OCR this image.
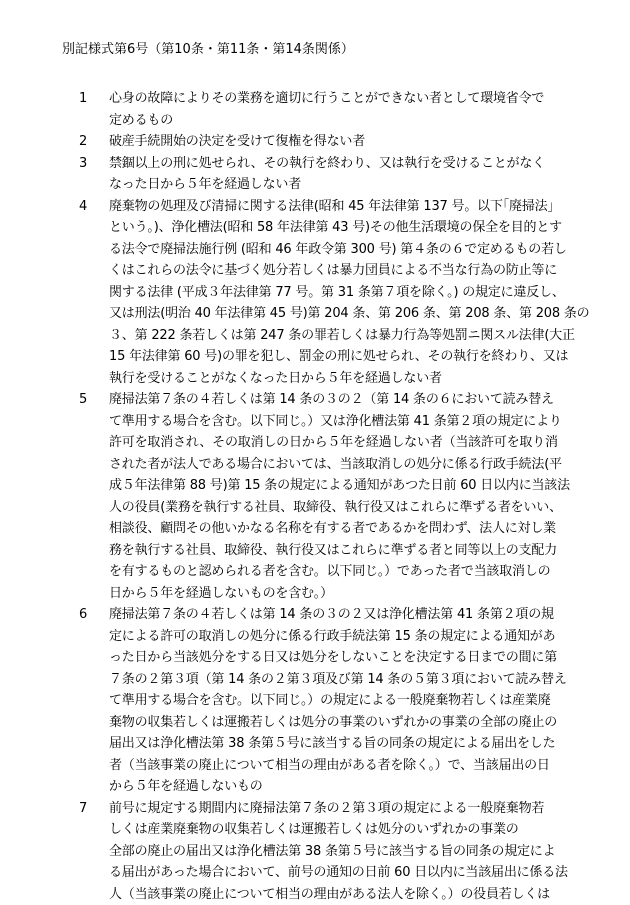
別記様式第6号（第10条・第11条・第14条関係）
1	心身の故障によりその業務を適切に行うことができない者として環境省令で
定めるもの
2	破産手続開始の決定を受けて復権を得ない者
3	禁錮以上の刑に処せられ、その執行を終わり、又は執行を受けることがなく
なった日から５年を経過しない者
4	廃棄物の処理及び清掃に関する法律(昭和 45 年法律第 137 号。以下｢廃掃法｣
という。)、浄化槽法(昭和 58 年法律第 43 号)その他生活環境の保全を目的とす
る法令で廃掃法施行例 (昭和 46 年政令第 300 号) 第４条の６で定めるもの若し
くはこれらの法令に基づく処分若しくは暴力団員による不当な行為の防止等に
関する法律 (平成３年法律第 77 号。第 31 条第７項を除く。) の規定に違反し、
又は刑法(明治 40 年法律第 45 号)第 204 条、第 206 条、第 208 条、第 208 条の
３、第 222 条若しくは第 247 条の罪若しくは暴力行為等処罰ニ関スル法律(大正
15 年法律第 60 号)の罪を犯し、罰金の刑に処せられ、その執行を終わり、又は
執行を受けることがなくなった日から５年を経過しない者
5	廃掃法第７条の４若しくは第 14 条の３の２（第 14 条の６において読み替え
て準用する場合を含む。以下同じ。）又は浄化槽法第 41 条第２項の規定により
許可を取消され、その取消しの日から５年を経過しない者（当該許可を取り消
された者が法人である場合においては、当該取消しの処分に係る行政手続法(平
成５年法律第 88 号)第 15 条の規定による通知があつた日前 60 日以内に当該法
人の役員(業務を執行する社員、取締役、執行役又はこれらに準ずる者をいい、
相談役、顧問その他いかなる名称を有する者であるかを問わず、法人に対し業
務を執行する社員、取締役、執行役又はこれらに準ずる者と同等以上の支配力
を有するものと認められる者を含む。以下同じ。）であった者で当該取消しの
日から５年を経過しないものを含む。）
6	廃掃法第７条の４若しくは第 14 条の３の２又は浄化槽法第 41 条第２項の規
定による許可の取消しの処分に係る行政手続法第 15 条の規定による通知があ
った日から当該処分をする日又は処分をしないことを決定する日までの間に第
７条の２第３項（第 14 条の２第３項及び第 14 条の５第３項において読み替え
て準用する場合を含む。以下同じ。）の規定による一般廃棄物若しくは産業廃
棄物の収集若しくは運搬若しくは処分の事業のいずれかの事業の全部の廃止の
届出又は浄化槽法第 38 条第５号に該当する旨の同条の規定による届出をした
者（当該事業の廃止について相当の理由がある者を除く。）で、当該届出の日
から５年を経過しないもの
7	前号に規定する期間内に廃掃法第７条の２第３項の規定による一般廃棄物若
しくは産業廃棄物の収集若しくは運搬若しくは処分のいずれかの事業の
全部の廃止の届出又は浄化槽法第 38 条第５号に該当する旨の同条の規定によ
る届出があった場合において、前号の通知の日前 60 日以内に当該届出に係る法
人（当該事業の廃止について相当の理由がある法人を除く。）の役員若しくは
